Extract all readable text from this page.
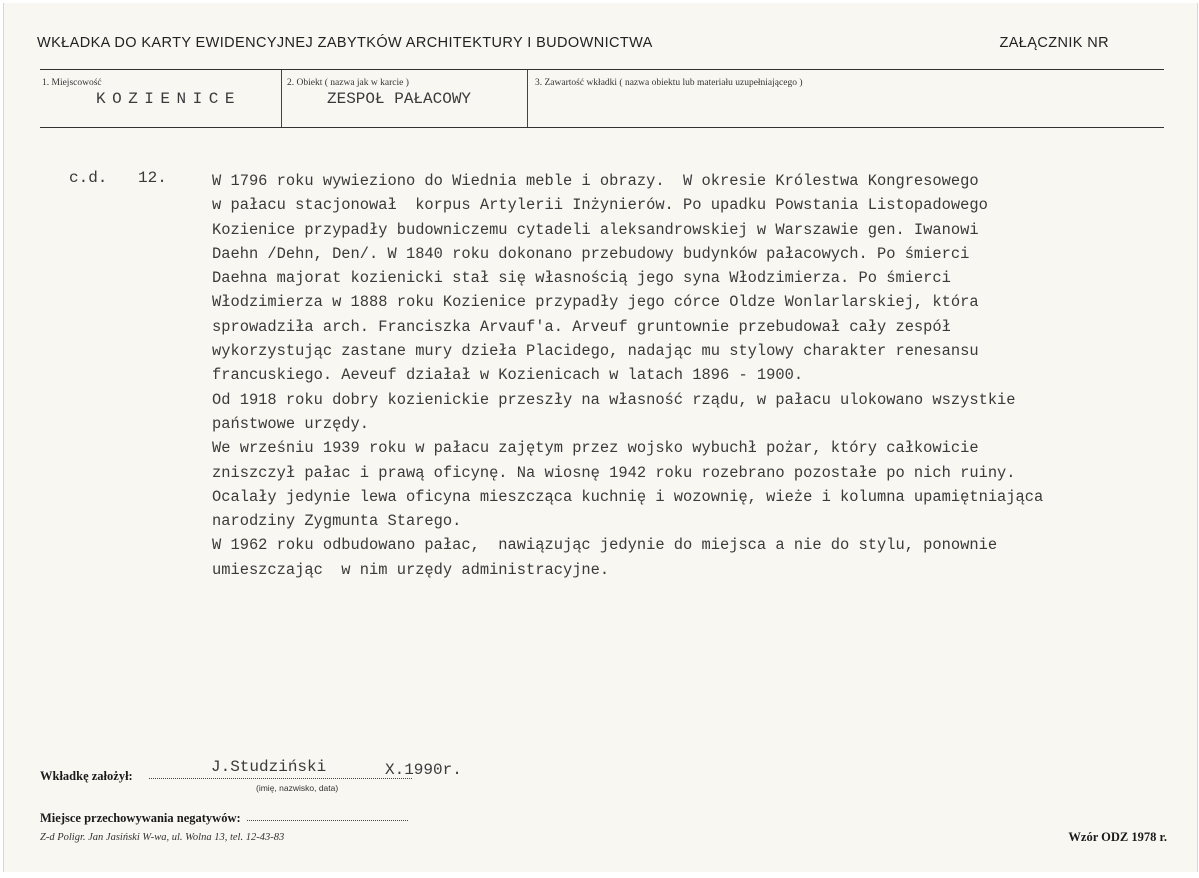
WKŁADKA DO KARTY EWIDENCYJNEJ ZABYTKÓW ARCHITEKTURY I BUDOWNICTWA	ZAŁĄCZNIK NR
1. Miejscowość
KOZIENICE
2. Obiekt ( nazwa jak w karcie )
ZESPOŁ PAŁACOWY
3. Zawartość wkładki ( nazwa obiektu lub materiału uzupełniającego )
c.d. 12.	W 1796 roku wywieziono do Wiednia meble i obrazy.  W okresie Królestwa Kongresowego
w pałacu stacjonował  korpus Artylerii Inżynierów. Po upadku Powstania Listopadowego
Kozienice przypadły budowniczemu cytadeli aleksandrowskiej w Warszawie gen. Iwanowi
Daehn /Dehn, Den/. W 1840 roku dokonano przebudowy budynków pałacowych. Po śmierci
Daehna majorat kozienicki stał się własnością jego syna Włodzimierza. Po śmierci
Włodzimierza w 1888 roku Kozienice przypadły jego córce Oldze Wonlarlarskiej, która
sprowadziła arch. Franciszka Arvauf'a. Arveuf gruntownie przebudował cały zespół
wykorzystując zastane mury dzieła Placidego, nadając mu stylowy charakter renesansu
francuskiego. Aeveuf działał w Kozienicach w latach 1896 - 1900.
Od 1918 roku dobry kozienickie przeszły na własność rządu, w pałacu ulokowano wszystkie
państwowe urzędy.
We wrześniu 1939 roku w pałacu zajętym przez wojsko wybuchł pożar, który całkowicie
zniszczył pałac i prawą oficynę. Na wiosnę 1942 roku rozebrano pozostałe po nich ruiny.
Ocalały jedynie lewa oficyna mieszcząca kuchnię i wozownię, wieże i kolumna upamiętniająca
narodziny Zygmunta Starego.
W 1962 roku odbudowano pałac,  nawiązując jedynie do miejsca a nie do stylu, ponownie
umieszczając  w nim urzędy administracyjne.
Wkładkę założył:	J.Studziński	X.1990r.
(imię, nazwisko, data)
Miejsce przechowywania negatywów:
Z-d Poligr. Jan Jasiński W-wa, ul. Wolna 13, tel. 12-43-83	Wzór ODZ 1978 r.
